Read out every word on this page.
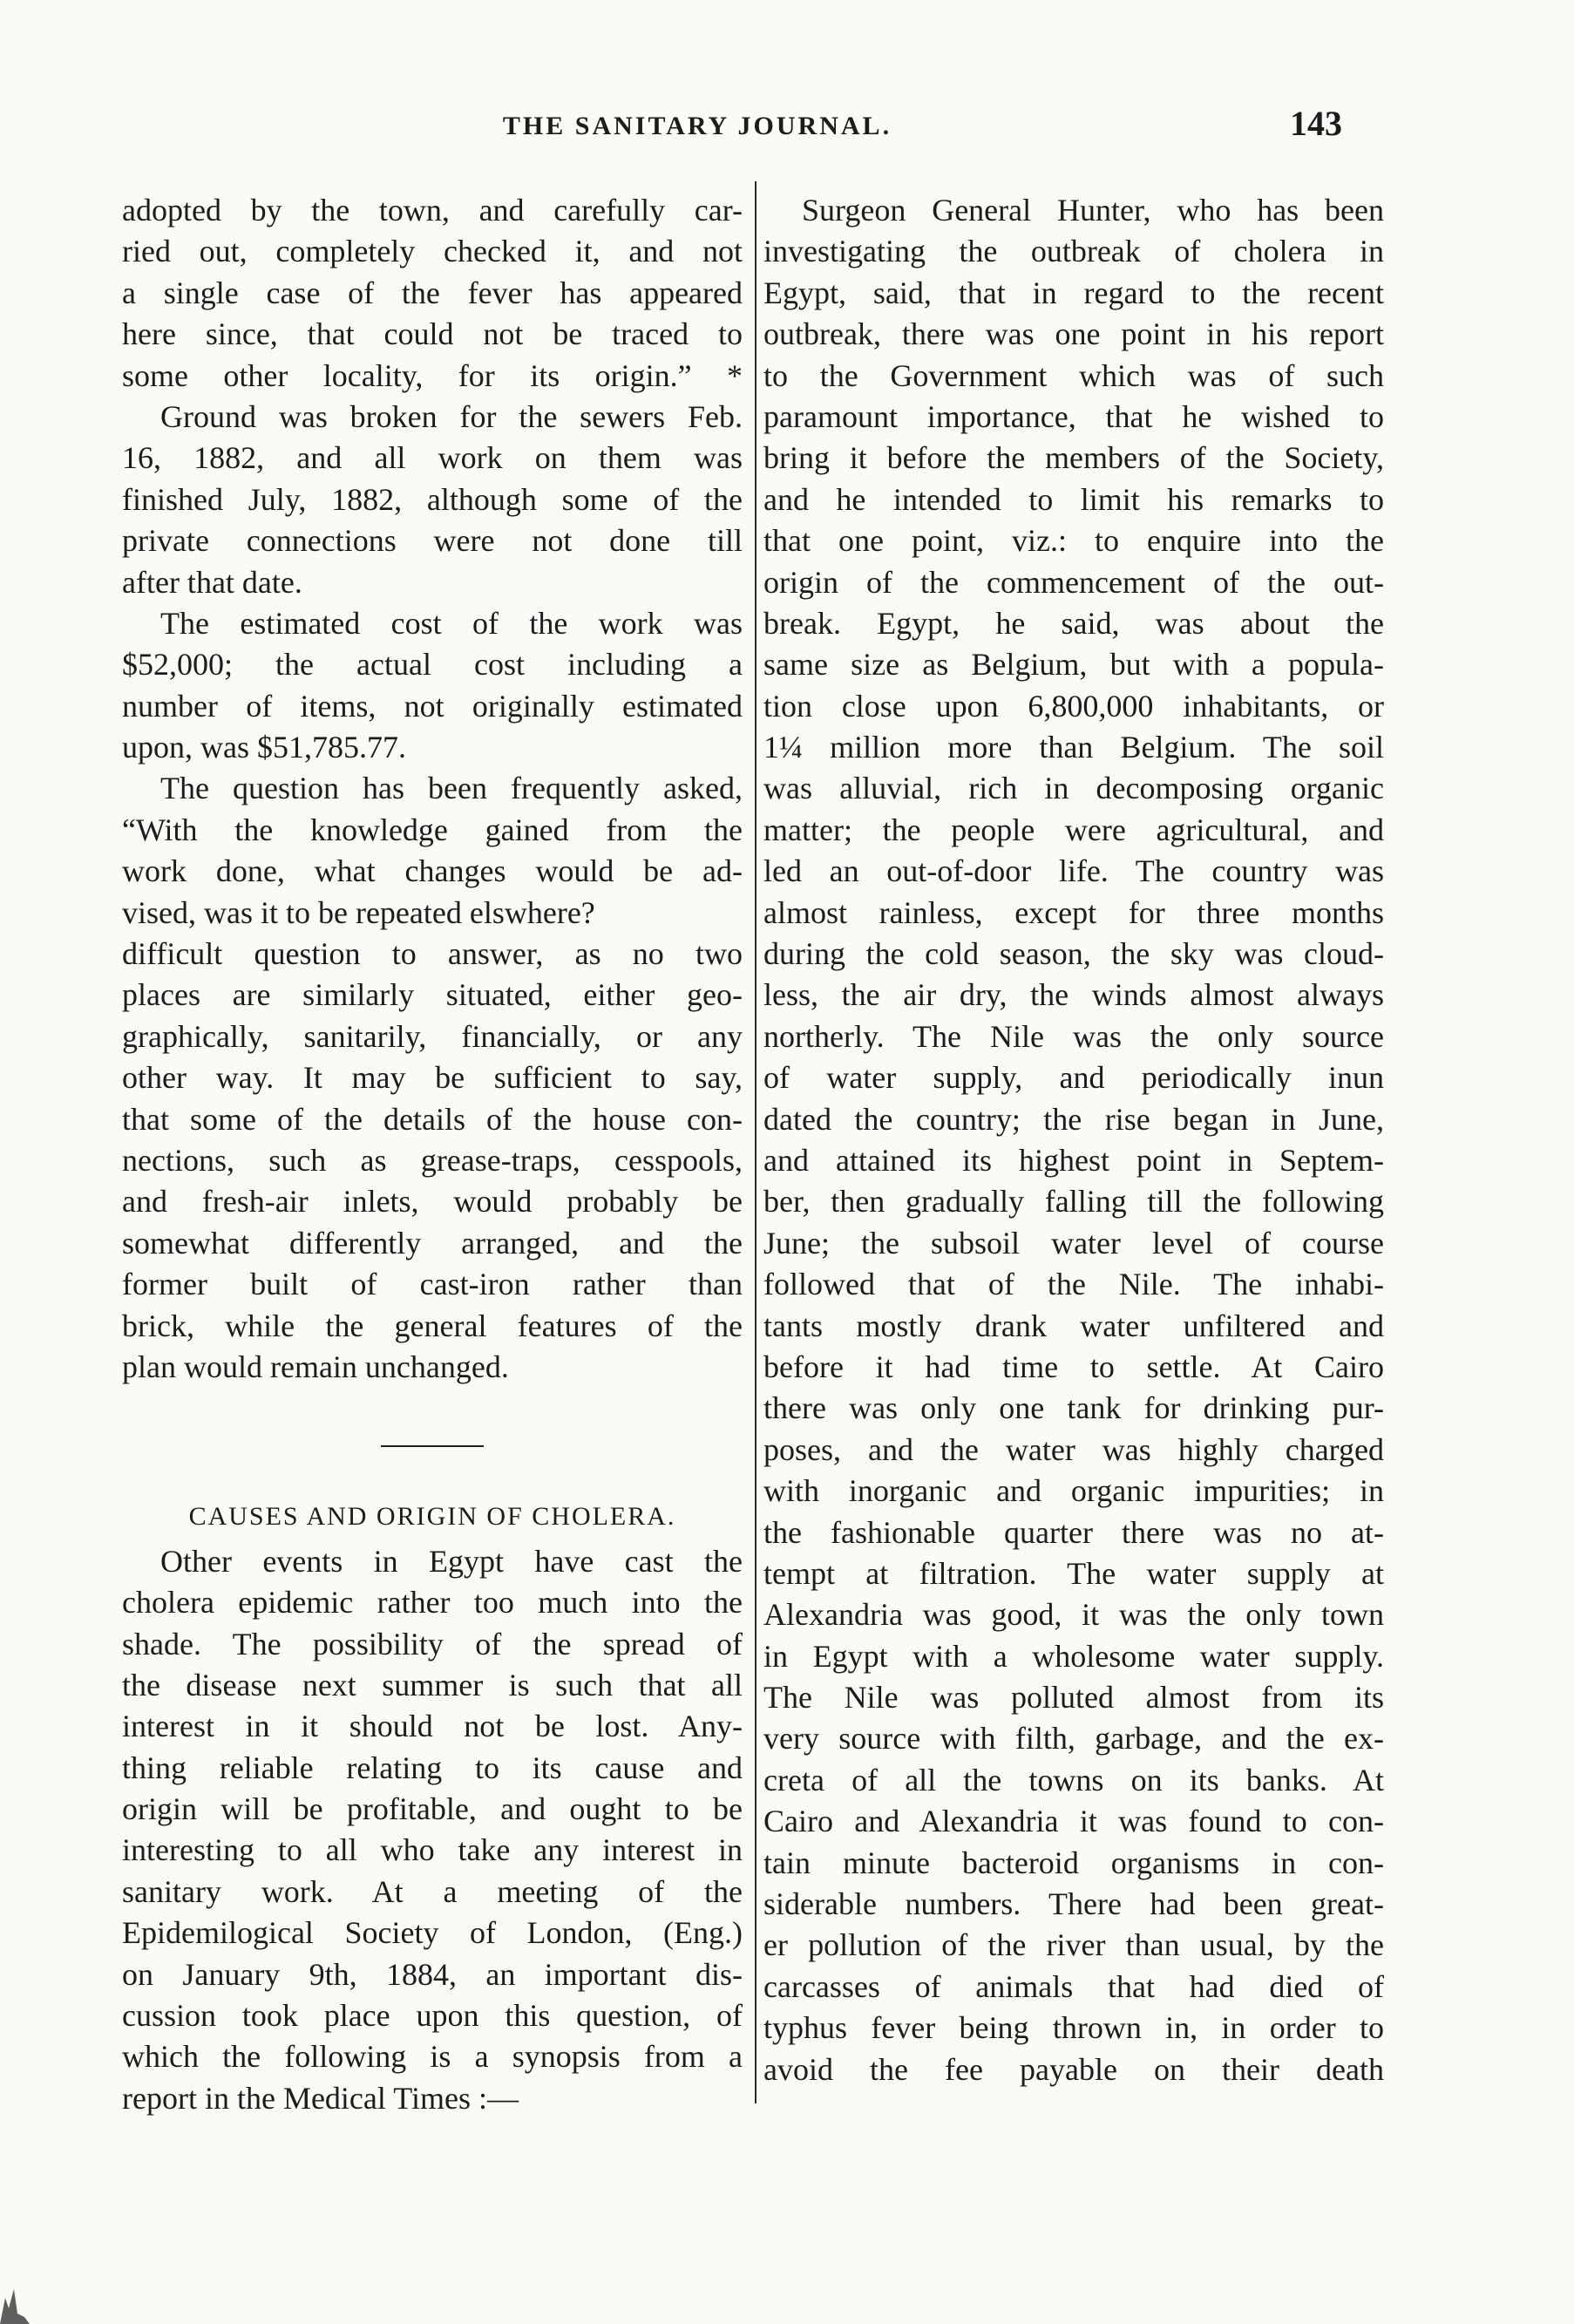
THE SANITARY JOURNAL.	143
adopted by the town, and carefully car-
ried out, completely checked it, and not
a single case of the fever has appeared
here since, that could not be traced to
some other locality, for its origin.” *
Ground was broken for the sewers Feb.
16, 1882, and all work on them was
finished July, 1882, although some of the
private connections were not done till
after that date.
The estimated cost of the work was
$52,000; the actual cost including a
number of items, not originally estimated
upon, was $51,785.77.
The question has been frequently asked,
“With the knowledge gained from the
work done, what changes would be ad-
vised, was it to be repeated elswhere?
difficult question to answer, as no two
places are similarly situated, either geo-
graphically, sanitarily, financially, or any
other way. It may be sufficient to say,
that some of the details of the house con-
nections, such as grease-traps, cesspools,
and fresh-air inlets, would probably be
somewhat differently arranged, and the
former built of cast-iron rather than
brick, while the general features of the
plan would remain unchanged.
CAUSES AND ORIGIN OF CHOLERA.
Other events in Egypt have cast the
cholera epidemic rather too much into the
shade. The possibility of the spread of
the disease next summer is such that all
interest in it should not be lost. Any-
thing reliable relating to its cause and
origin will be profitable, and ought to be
interesting to all who take any interest in
sanitary work. At a meeting of the
Epidemilogical Society of London, (Eng.)
on January 9th, 1884, an important dis-
cussion took place upon this question, of
which the following is a synopsis from a
report in the Medical Times :—
Surgeon General Hunter, who has been
investigating the outbreak of cholera in
Egypt, said, that in regard to the recent
outbreak, there was one point in his report
to the Government which was of such
paramount importance, that he wished to
bring it before the members of the Society,
and he intended to limit his remarks to
that one point, viz.: to enquire into the
origin of the commencement of the out-
break. Egypt, he said, was about the
same size as Belgium, but with a popula-
tion close upon 6,800,000 inhabitants, or
1¼ million more than Belgium. The soil
was alluvial, rich in decomposing organic
matter; the people were agricultural, and
led an out-of-door life. The country was
almost rainless, except for three months
during the cold season, the sky was cloud-
less, the air dry, the winds almost always
northerly. The Nile was the only source
of water supply, and periodically inun
dated the country; the rise began in June,
and attained its highest point in Septem-
ber, then gradually falling till the following
June; the subsoil water level of course
followed that of the Nile. The inhabi-
tants mostly drank water unfiltered and
before it had time to settle. At Cairo
there was only one tank for drinking pur-
poses, and the water was highly charged
with inorganic and organic impurities; in
the fashionable quarter there was no at-
tempt at filtration. The water supply at
Alexandria was good, it was the only town
in Egypt with a wholesome water supply.
The Nile was polluted almost from its
very source with filth, garbage, and the ex-
creta of all the towns on its banks. At
Cairo and Alexandria it was found to con-
tain minute bacteroid organisms in con-
siderable numbers. There had been great-
er pollution of the river than usual, by the
carcasses of animals that had died of
typhus fever being thrown in, in order to
avoid the fee payable on their death
